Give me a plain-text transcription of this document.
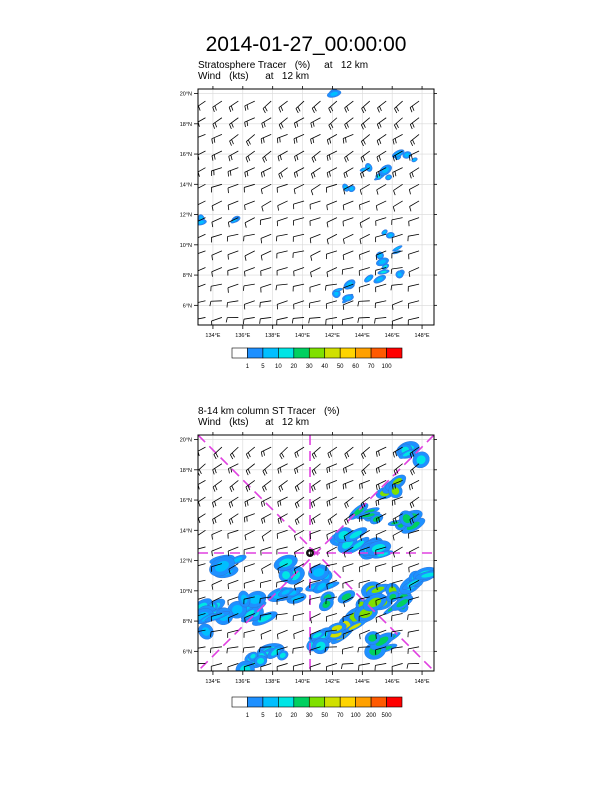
2014-01-27_00:00:00
Stratosphere Tracer   (%)     at   12 km
Wind   (kts)      at   12 km
8-14 km column ST Tracer   (%)
Wind   (kts)      at   12 km
134°E	136°E	138°E	140°E	142°E	144°E	146°E	148°E
6°N
8°N
10°N
12°N
14°N
16°N
18°N
20°N
1 5 10 20 30 40 50 60 70 100
134°E	136°E	138°E	140°E	142°E	144°E	146°E	148°E
6°N
8°N
10°N
12°N
14°N
16°N
18°N
20°N
1 5 10 20 30 50 70 100 200 500
